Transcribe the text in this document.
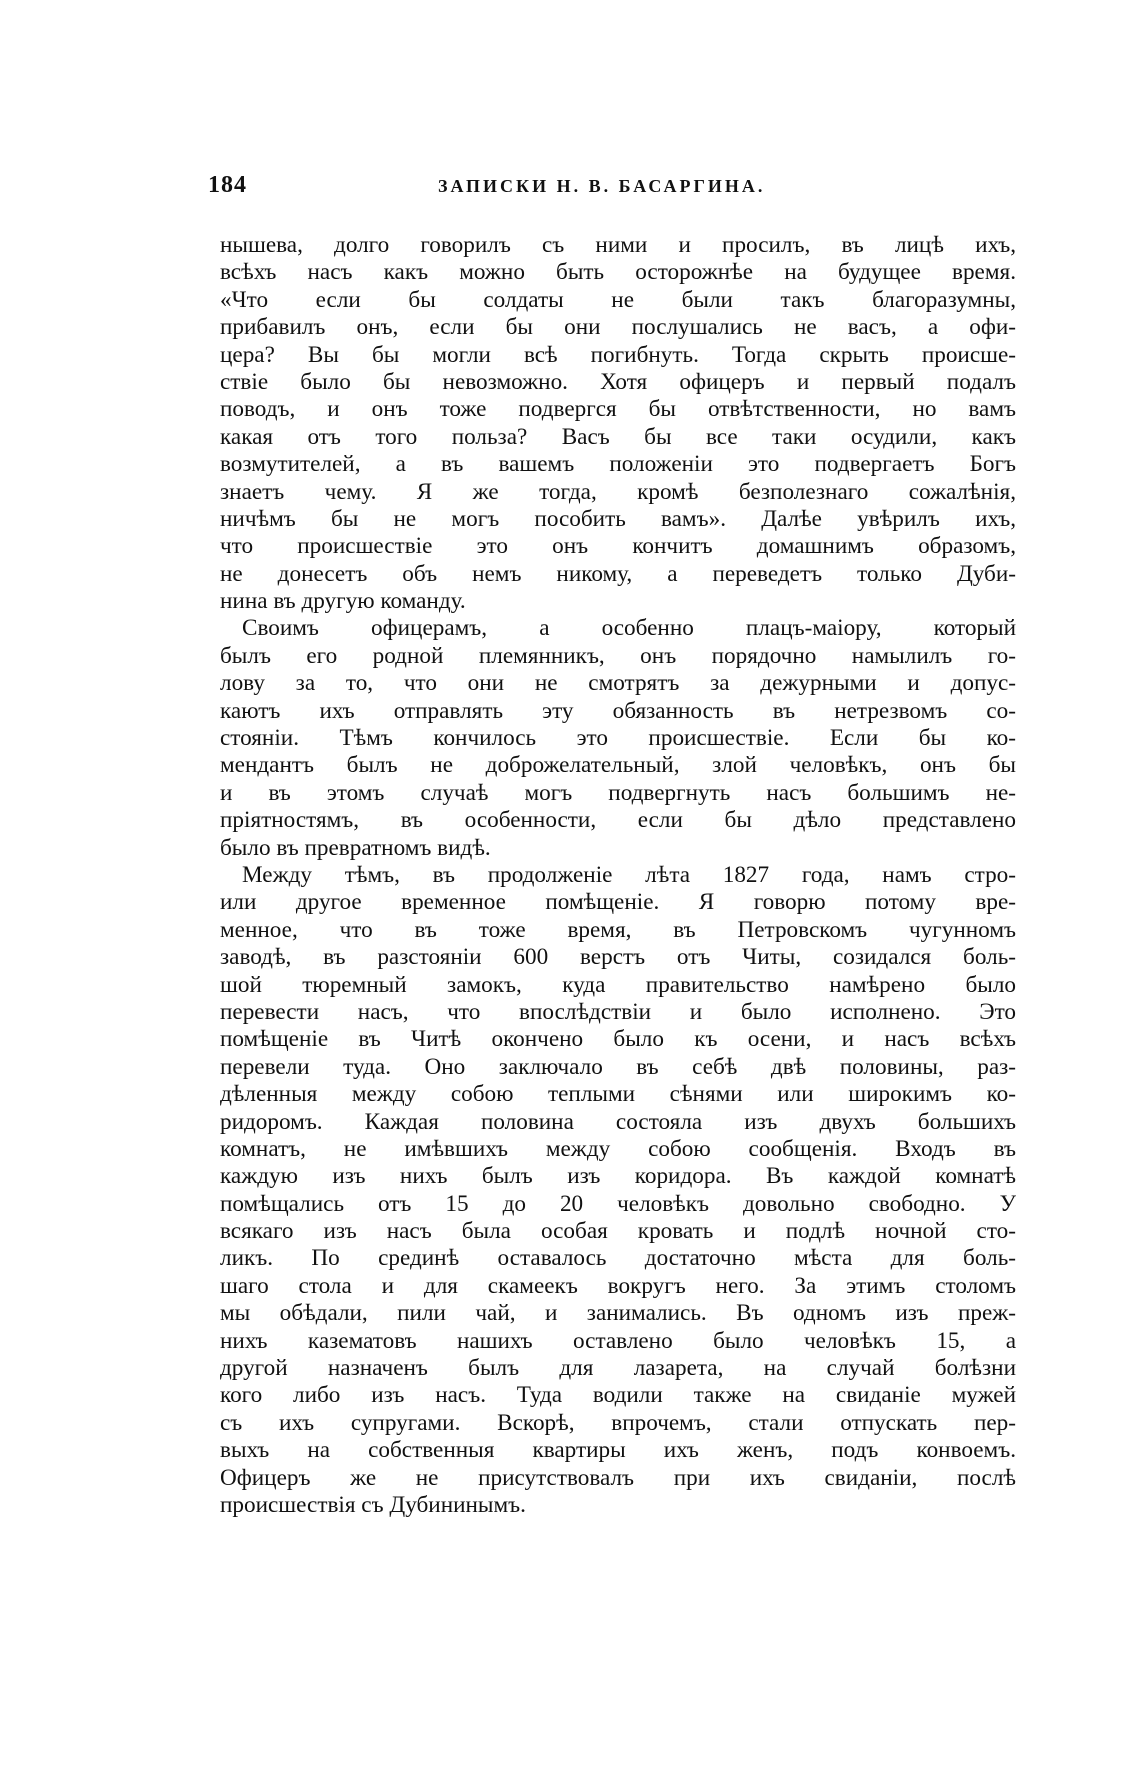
184	ЗАПИСКИ Н. В. БАСАРГИНА.
нышева, долго говорилъ съ ними и просилъ, въ лицѣ ихъ,
всѣхъ насъ какъ можно быть осторожнѣе на будущее время.
«Что если бы солдаты не были такъ благоразумны,
прибавилъ онъ, если бы они послушались не васъ, а офи-
цера? Вы бы могли всѣ погибнуть. Тогда скрыть происше-
ствіе было бы невозможно. Хотя офицеръ и первый подалъ
поводъ, и онъ тоже подвергся бы отвѣтственности, но вамъ
какая отъ того польза? Васъ бы все таки осудили, какъ
возмутителей, а въ вашемъ положеніи это подвергаетъ Богъ
знаетъ чему. Я же тогда, кромѣ безполезнаго сожалѣнія,
ничѣмъ бы не могъ пособить вамъ». Далѣе увѣрилъ ихъ,
что происшествіе это онъ кончитъ домашнимъ образомъ,
не донесетъ объ немъ никому, а переведетъ только Дуби-
нина въ другую команду.
Своимъ офицерамъ, а особенно плацъ-маіору, который
былъ его родной племянникъ, онъ порядочно намылилъ го-
лову за то, что они не смотрятъ за дежурными и допус-
каютъ ихъ отправлять эту обязанность въ нетрезвомъ со-
стояніи. Тѣмъ кончилось это происшествіе. Если бы ко-
мендантъ былъ не доброжелательный, злой человѣкъ, онъ бы
и въ этомъ случаѣ могъ подвергнуть насъ большимъ не-
пріятностямъ, въ особенности, если бы дѣло представлено
было въ превратномъ видѣ.
Между тѣмъ, въ продолженіе лѣта 1827 года, намъ стро-
или другое временное помѣщеніе. Я говорю потому вре-
менное, что въ тоже время, въ Петровскомъ чугунномъ
заводѣ, въ разстояніи 600 верстъ отъ Читы, созидался боль-
шой тюремный замокъ, куда правительство намѣрено было
перевести насъ, что впослѣдствіи и было исполнено. Это
помѣщеніе въ Читѣ окончено было къ осени, и насъ всѣхъ
перевели туда. Оно заключало въ себѣ двѣ половины, раз-
дѣленныя между собою теплыми сѣнями или широкимъ ко-
ридоромъ. Каждая половина состояла изъ двухъ большихъ
комнатъ, не имѣвшихъ между собою сообщенія. Входъ въ
каждую изъ нихъ былъ изъ коридора. Въ каждой комнатѣ
помѣщались отъ 15 до 20 человѣкъ довольно свободно. У
всякаго изъ насъ была особая кровать и подлѣ ночной сто-
ликъ. По срединѣ оставалось достаточно мѣста для боль-
шаго стола и для скамеекъ вокругъ него. За этимъ столомъ
мы обѣдали, пили чай, и занимались. Въ одномъ изъ преж-
нихъ казематовъ нашихъ оставлено было человѣкъ 15, а
другой назначенъ былъ для лазарета, на случай болѣзни
кого либо изъ насъ. Туда водили также на свиданіе мужей
съ ихъ супругами. Вскорѣ, впрочемъ, стали отпускать пер-
выхъ на собственныя квартиры ихъ женъ, подъ конвоемъ.
Офицеръ же не присутствовалъ при ихъ свиданіи, послѣ
происшествія съ Дубининымъ.
